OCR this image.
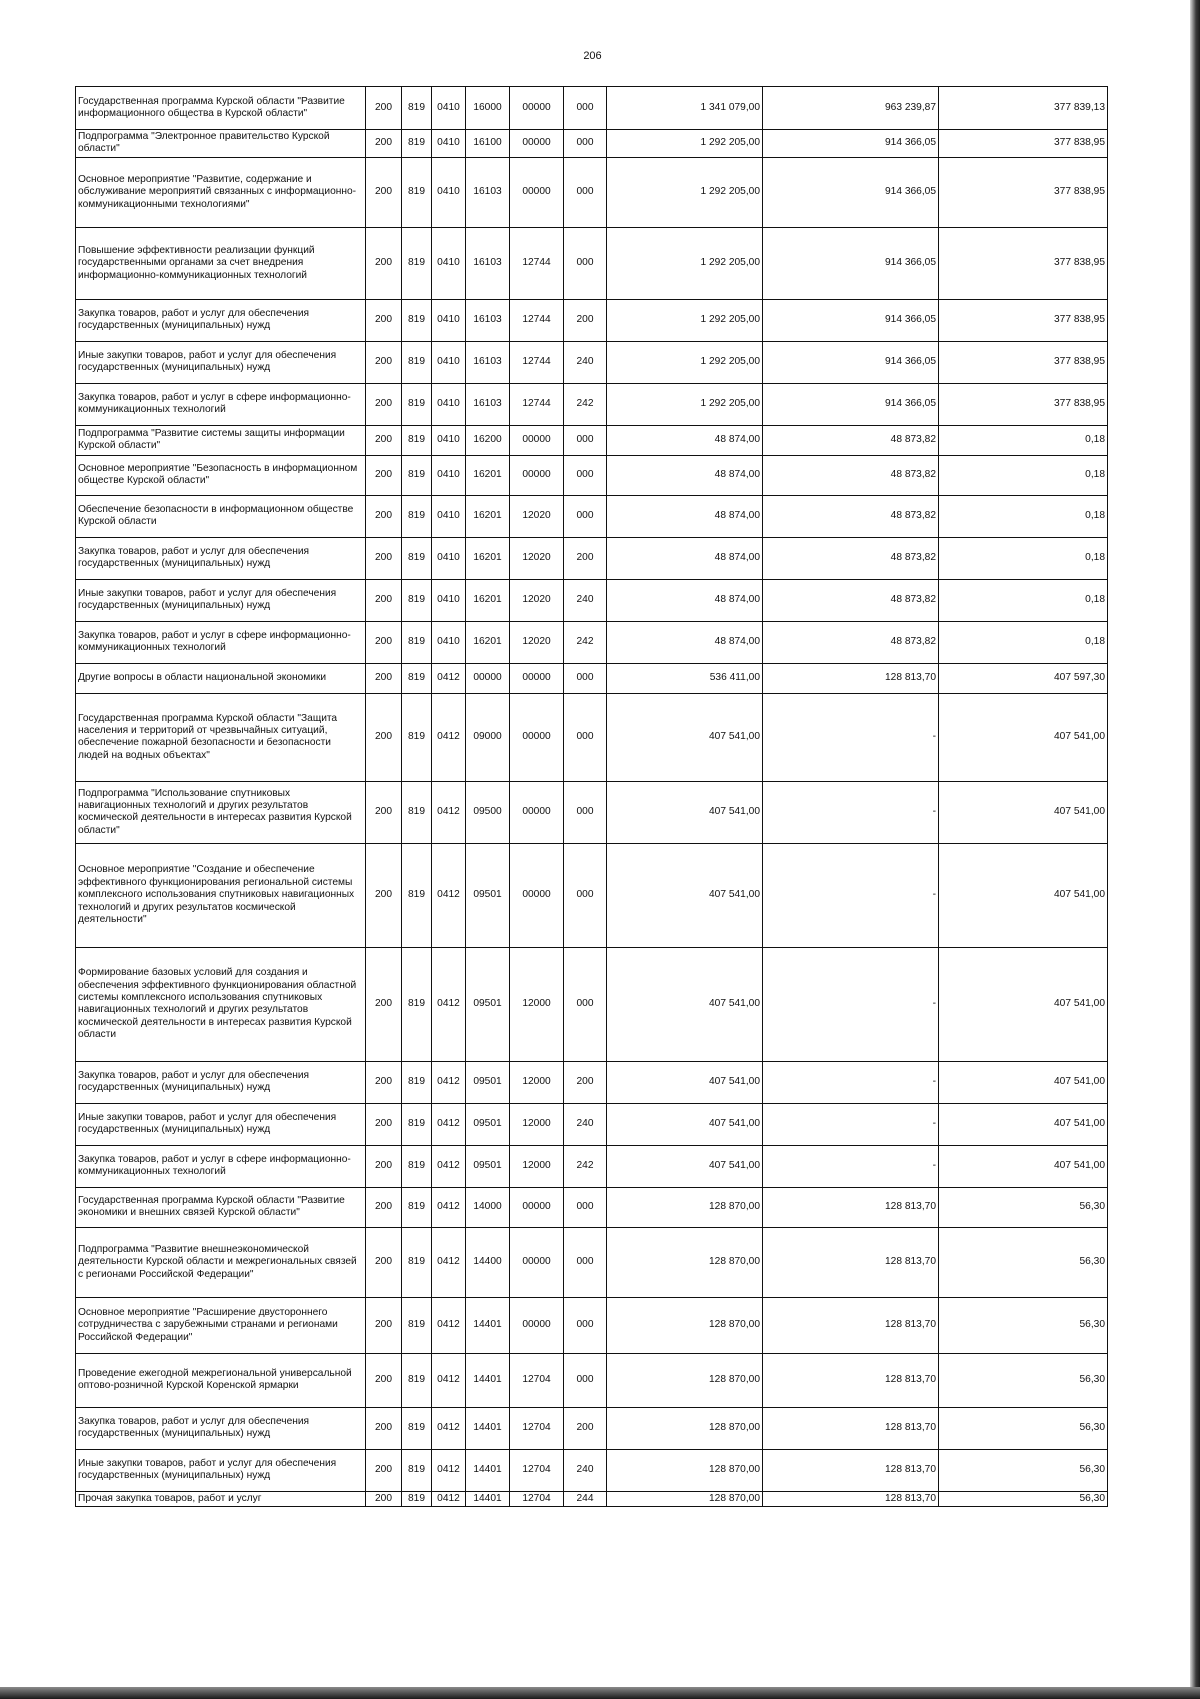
206
Государственная программа Курской области "Развитие информационного общества в Курской области"	200	819	0410	16000	00000	000	1 341 079,00	963 239,87	377 839,13
Подпрограмма "Электронное правительство Курской области"	200	819	0410	16100	00000	000	1 292 205,00	914 366,05	377 838,95
Основное мероприятие "Развитие, содержание и обслуживание мероприятий связанных с информационно-коммуникационными технологиями"	200	819	0410	16103	00000	000	1 292 205,00	914 366,05	377 838,95
Повышение эффективности реализации функций государственными органами за счет внедрения информационно-коммуникационных технологий	200	819	0410	16103	12744	000	1 292 205,00	914 366,05	377 838,95
Закупка товаров, работ и услуг для обеспечения государственных (муниципальных) нужд	200	819	0410	16103	12744	200	1 292 205,00	914 366,05	377 838,95
Иные закупки товаров, работ и услуг для обеспечения государственных (муниципальных) нужд	200	819	0410	16103	12744	240	1 292 205,00	914 366,05	377 838,95
Закупка товаров, работ и услуг в сфере информационно-коммуникационных технологий	200	819	0410	16103	12744	242	1 292 205,00	914 366,05	377 838,95
Подпрограмма "Развитие системы защиты информации Курской области"	200	819	0410	16200	00000	000	48 874,00	48 873,82	0,18
Основное мероприятие "Безопасность в информационном обществе Курской области"	200	819	0410	16201	00000	000	48 874,00	48 873,82	0,18
Обеспечение безопасности в информационном обществе Курской области	200	819	0410	16201	12020	000	48 874,00	48 873,82	0,18
Закупка товаров, работ и услуг для обеспечения государственных (муниципальных) нужд	200	819	0410	16201	12020	200	48 874,00	48 873,82	0,18
Иные закупки товаров, работ и услуг для обеспечения государственных (муниципальных) нужд	200	819	0410	16201	12020	240	48 874,00	48 873,82	0,18
Закупка товаров, работ и услуг в сфере информационно-коммуникационных технологий	200	819	0410	16201	12020	242	48 874,00	48 873,82	0,18
Другие вопросы в области национальной экономики	200	819	0412	00000	00000	000	536 411,00	128 813,70	407 597,30
Государственная программа Курской области "Защита населения и территорий от чрезвычайных ситуаций, обеспечение пожарной безопасности и безопасности людей на водных объектах"	200	819	0412	09000	00000	000	407 541,00	-	407 541,00
Подпрограмма "Использование спутниковых навигационных технологий и других результатов космической деятельности в интересах развития Курской области"	200	819	0412	09500	00000	000	407 541,00	-	407 541,00
Основное мероприятие "Создание и обеспечение эффективного функционирования региональной системы комплексного использования спутниковых навигационных технологий и других результатов космической деятельности"	200	819	0412	09501	00000	000	407 541,00	-	407 541,00
Формирование базовых условий для создания и обеспечения эффективного функционирования областной системы комплексного использования спутниковых навигационных технологий и других результатов космической деятельности в интересах развития Курской области	200	819	0412	09501	12000	000	407 541,00	-	407 541,00
Закупка товаров, работ и услуг для обеспечения государственных (муниципальных) нужд	200	819	0412	09501	12000	200	407 541,00	-	407 541,00
Иные закупки товаров, работ и услуг для обеспечения государственных (муниципальных) нужд	200	819	0412	09501	12000	240	407 541,00	-	407 541,00
Закупка товаров, работ и услуг в сфере информационно-коммуникационных технологий	200	819	0412	09501	12000	242	407 541,00	-	407 541,00
Государственная программа Курской области "Развитие экономики и внешних связей Курской области"	200	819	0412	14000	00000	000	128 870,00	128 813,70	56,30
Подпрограмма "Развитие внешнеэкономической деятельности Курской области и межрегиональных связей с регионами Российской Федерации"	200	819	0412	14400	00000	000	128 870,00	128 813,70	56,30
Основное мероприятие "Расширение двустороннего сотрудничества с зарубежными странами и регионами Российской Федерации"	200	819	0412	14401	00000	000	128 870,00	128 813,70	56,30
Проведение ежегодной межрегиональной универсальной оптово-розничной Курской Коренской ярмарки	200	819	0412	14401	12704	000	128 870,00	128 813,70	56,30
Закупка товаров, работ и услуг для обеспечения государственных (муниципальных) нужд	200	819	0412	14401	12704	200	128 870,00	128 813,70	56,30
Иные закупки товаров, работ и услуг для обеспечения государственных (муниципальных) нужд	200	819	0412	14401	12704	240	128 870,00	128 813,70	56,30
Прочая закупка товаров, работ и услуг	200	819	0412	14401	12704	244	128 870,00	128 813,70	56,30
